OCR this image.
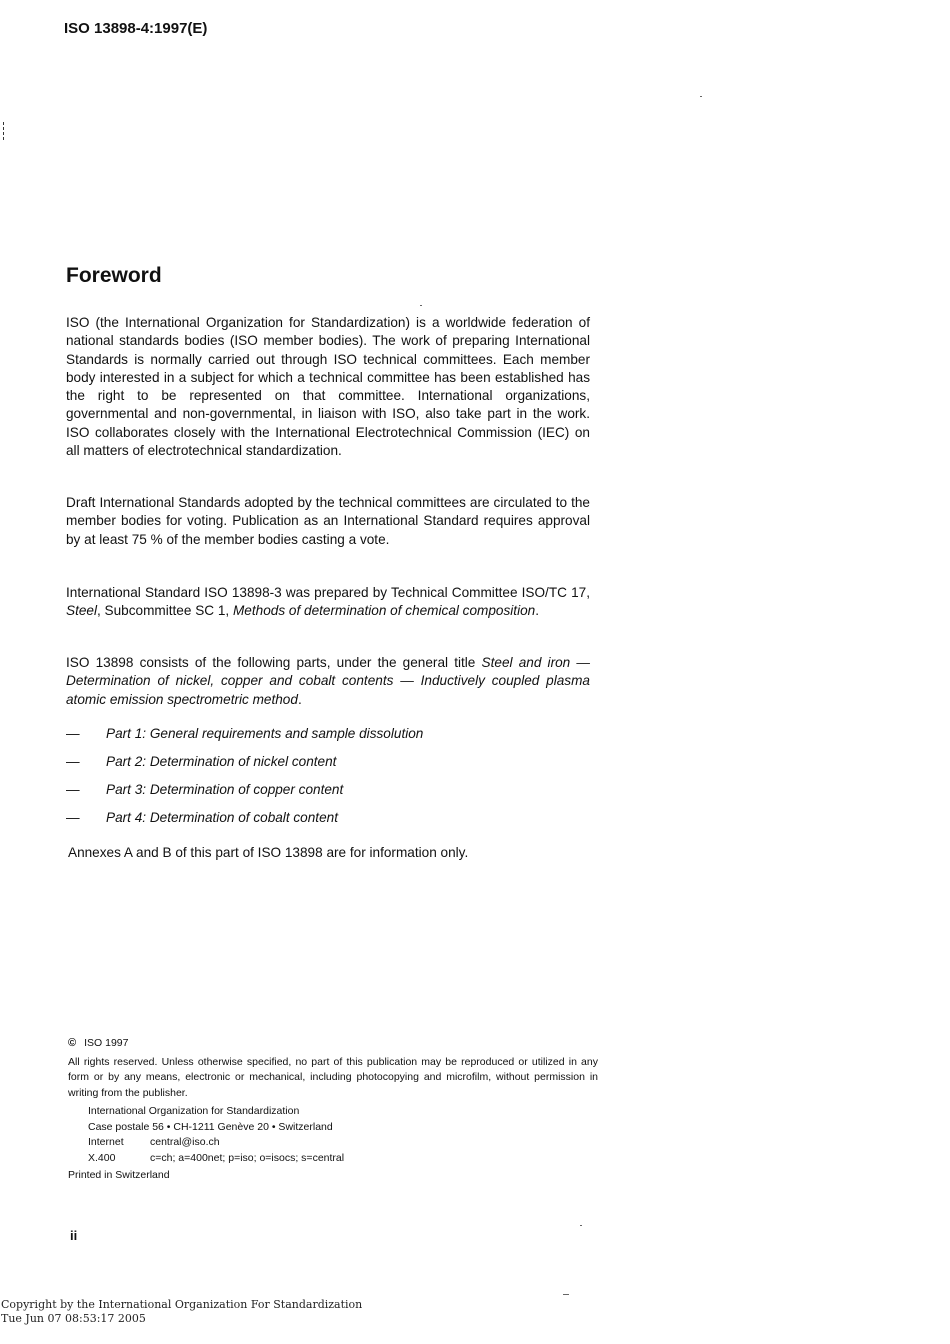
ISO 13898-4:1997(E)
Foreword

ISO (the International Organization for Standardization) is a worldwide federation of national standards bodies (ISO member bodies). The work of preparing International Standards is normally carried out through ISO technical committees. Each member body interested in a subject for which a technical committee has been established has the right to be represented on that committee. International organizations, governmental and non-governmental, in liaison with ISO, also take part in the work. ISO collaborates closely with the International Electrotechnical Commission (IEC) on all matters of electrotechnical standardization.

Draft International Standards adopted by the technical committees are circulated to the member bodies for voting. Publication as an International Standard requires approval by at least 75 % of the member bodies casting a vote.

International Standard ISO 13898-3 was prepared by Technical Committee ISO/TC 17, Steel, Subcommittee SC 1, Methods of determination of chemical composition.

ISO 13898 consists of the following parts, under the general title Steel and iron — Determination of nickel, copper and cobalt contents — Inductively coupled plasma atomic emission spectrometric method.

—	Part 1: General requirements and sample dissolution
—	Part 2: Determination of nickel content
—	Part 3: Determination of copper content
—	Part 4: Determination of cobalt content

Annexes A and B of this part of ISO 13898 are for information only.

© ISO 1997
All rights reserved. Unless otherwise specified, no part of this publication may be reproduced or utilized in any form or by any means, electronic or mechanical, including photocopying and microfilm, without permission in writing from the publisher.
International Organization for Standardization
Case postale 56 • CH-1211 Genève 20 • Switzerland
Internet	central@iso.ch
X.400	c=ch; a=400net; p=iso; o=isocs; s=central
Printed in Switzerland
ii
Copyright by the International Organization For Standardization
Tue Jun 07 08:53:17 2005
